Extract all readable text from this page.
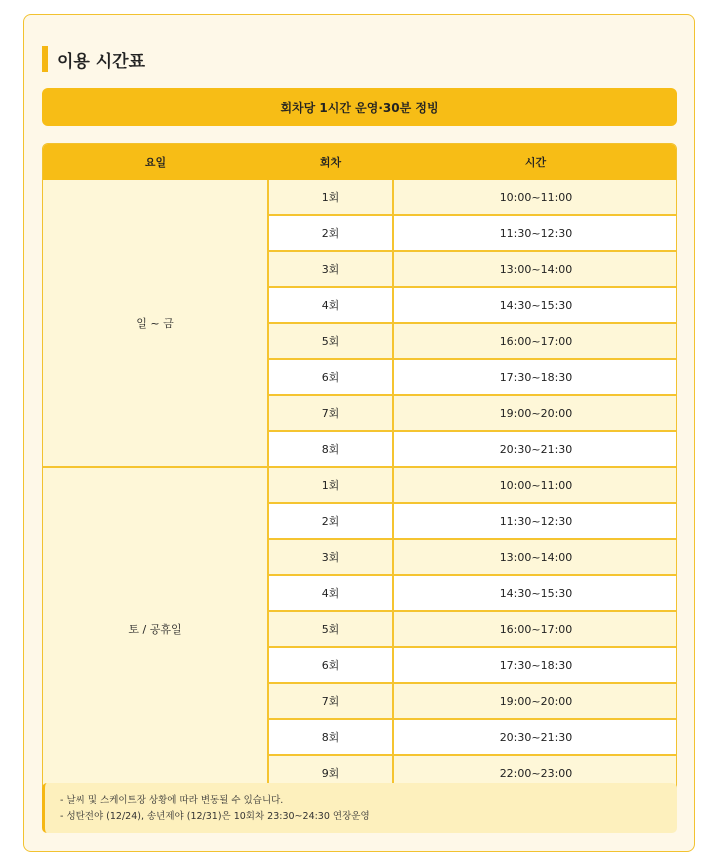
이용 시간표
회차당 1시간 운영·30분 정빙
요일	회차	시간
일 ~ 금	1회	10:00~11:00
	2회	11:30~12:30
	3회	13:00~14:00
	4회	14:30~15:30
	5회	16:00~17:00
	6회	17:30~18:30
	7회	19:00~20:00
	8회	20:30~21:30
토 / 공휴일	1회	10:00~11:00
	2회	11:30~12:30
	3회	13:00~14:00
	4회	14:30~15:30
	5회	16:00~17:00
	6회	17:30~18:30
	7회	19:00~20:00
	8회	20:30~21:30
	9회	22:00~23:00
- 날씨 및 스케이트장 상황에 따라 변동될 수 있습니다.
- 성탄전야 (12/24), 송년제야 (12/31)은 10회차 23:30~24:30 연장운영
